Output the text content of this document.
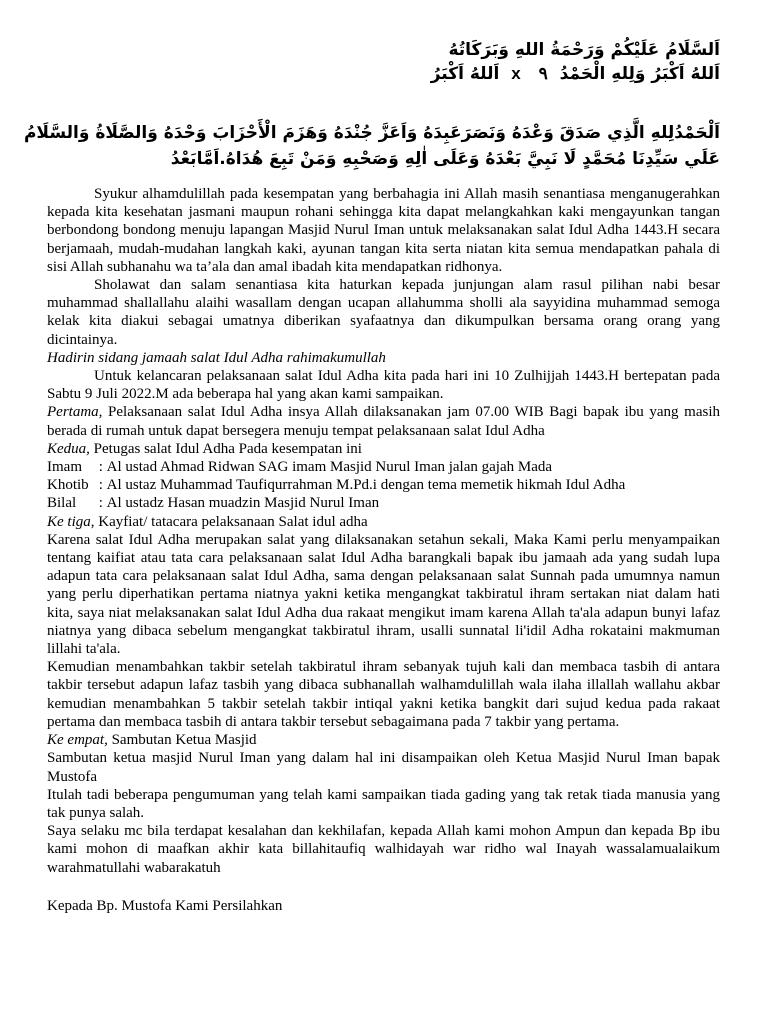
اَلسَّلَامُ عَلَيْكُمْ وَرَحْمَةُ اللهِ وَبَرَكَاتُهُ
اَللهُ اَكْبَرُ وَلِلهِ الْحَمْدُ ٩ x اَللهُ اَكْبَرُ
اَلْحَمْدُلِلهِ الَّذِي صَدَقَ وَعْدَهُ وَنَصَرَعَبِدَهُ وَاَعَزَّ جُنْدَهُ وَهَزَمَ الْأَحْزَابَ وَحْدَهُ وَالصَّلَاةُ وَالسَّلَامُ
عَلَي سَيِّدِنَا مُحَمَّدٍ لَا نَبِيَّ بَعْدَهُ وَعَلَى اٰلِهِ وَصَحْبِهِ وَمَنْ تَبِعَ هُدَاهُ.اَمَّابَعْدُ

Syukur alhamdulillah pada kesempatan yang berbahagia ini Allah masih senantiasa menganugerahkan kepada kita kesehatan jasmani maupun rohani sehingga kita dapat melangkahkan kaki mengayunkan tangan berbondong bondong menuju lapangan Masjid Nurul Iman untuk melaksanakan salat Idul Adha 1443.H secara berjamaah, mudah-mudahan langkah kaki, ayunan tangan kita serta niatan kita semua mendapatkan pahala di sisi Allah subhanahu wa ta’ala dan amal ibadah kita mendapatkan ridhonya.

Sholawat dan salam senantiasa kita haturkan kepada junjungan alam rasul pilihan nabi besar muhammad shallallahu alaihi wasallam dengan ucapan allahumma sholli ala sayyidina muhammad semoga kelak kita diakui sebagai umatnya diberikan syafaatnya dan dikumpulkan bersama orang orang yang dicintainya.

Hadirin sidang jamaah salat Idul Adha rahimakumullah

Untuk kelancaran pelaksanaan salat Idul Adha kita pada hari ini 10 Zulhijjah 1443.H bertepatan pada Sabtu 9 Juli 2022.M ada beberapa hal yang akan kami sampaikan.

Pertama, Pelaksanaan salat Idul Adha insya Allah dilaksanakan jam 07.00 WIB Bagi bapak ibu yang masih berada di rumah untuk dapat bersegera menuju tempat pelaksanaan salat Idul Adha

Kedua, Petugas salat Idul Adha Pada kesempatan ini

Imam : Al ustad Ahmad Ridwan SAG imam Masjid Nurul Iman jalan gajah Mada
Khotib : Al ustaz Muhammad Taufiqurrahman M.Pd.i dengan tema memetik hikmah Idul Adha
Bilal	: Al ustadz Hasan muadzin Masjid Nurul Iman

Ke tiga, Kayfiat/ tatacara pelaksanaan Salat idul adha

Karena salat Idul Adha merupakan salat yang dilaksanakan setahun sekali, Maka Kami perlu menyampaikan tentang kaifiat atau tata cara pelaksanaan salat Idul Adha barangkali bapak ibu jamaah ada yang sudah lupa adapun tata cara pelaksanaan salat Idul Adha, sama dengan pelaksanaan salat Sunnah pada umumnya namun yang perlu diperhatikan pertama niatnya yakni ketika mengangkat takbiratul ihram sertakan niat dalam hati kita, saya niat melaksanakan salat Idul Adha dua rakaat mengikut imam karena Allah ta'ala adapun bunyi lafaz niatnya yang dibaca sebelum mengangkat takbiratul ihram, usalli sunnatal li'idil Adha rokataini makmuman lillahi ta'ala.

Kemudian menambahkan takbir setelah takbiratul ihram sebanyak tujuh kali dan membaca tasbih di antara takbir tersebut adapun lafaz tasbih yang dibaca subhanallah walhamdulillah wala ilaha illallah wallahu akbar kemudian menambahkan 5 takbir setelah takbir intiqal yakni ketika bangkit dari sujud kedua pada rakaat pertama dan membaca tasbih di antara takbir tersebut sebagaimana pada 7 takbir yang pertama.

Ke empat, Sambutan Ketua Masjid

Sambutan ketua masjid Nurul Iman yang dalam hal ini disampaikan oleh Ketua Masjid Nurul Iman bapak Mustofa

Itulah tadi beberapa pengumuman yang telah kami sampaikan tiada gading yang tak retak tiada manusia yang tak punya salah.

Saya selaku mc bila terdapat kesalahan dan kekhilafan, kepada Allah kami mohon Ampun dan kepada Bp ibu kami mohon di maafkan akhir kata billahitaufiq walhidayah war ridho wal Inayah wassalamualaikum warahmatullahi wabarakatuh

Kepada Bp. Mustofa Kami Persilahkan
